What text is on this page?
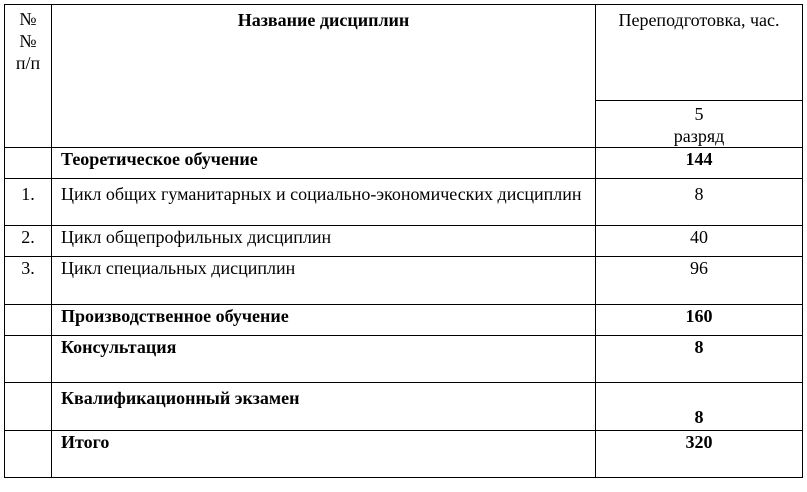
№
№
п/п	Название дисциплин	Переподготовка, час.

		5
разряд

	Теоретическое обучение	144
1.	Цикл общих гуманитарных и социально-экономических дисциплин	8
2.	Цикл общепрофильных дисциплин	40
3.	Цикл специальных дисциплин	96
	Производственное обучение	160
	Консультация	8
	Квалификационный экзамен	8
	Итого	320
